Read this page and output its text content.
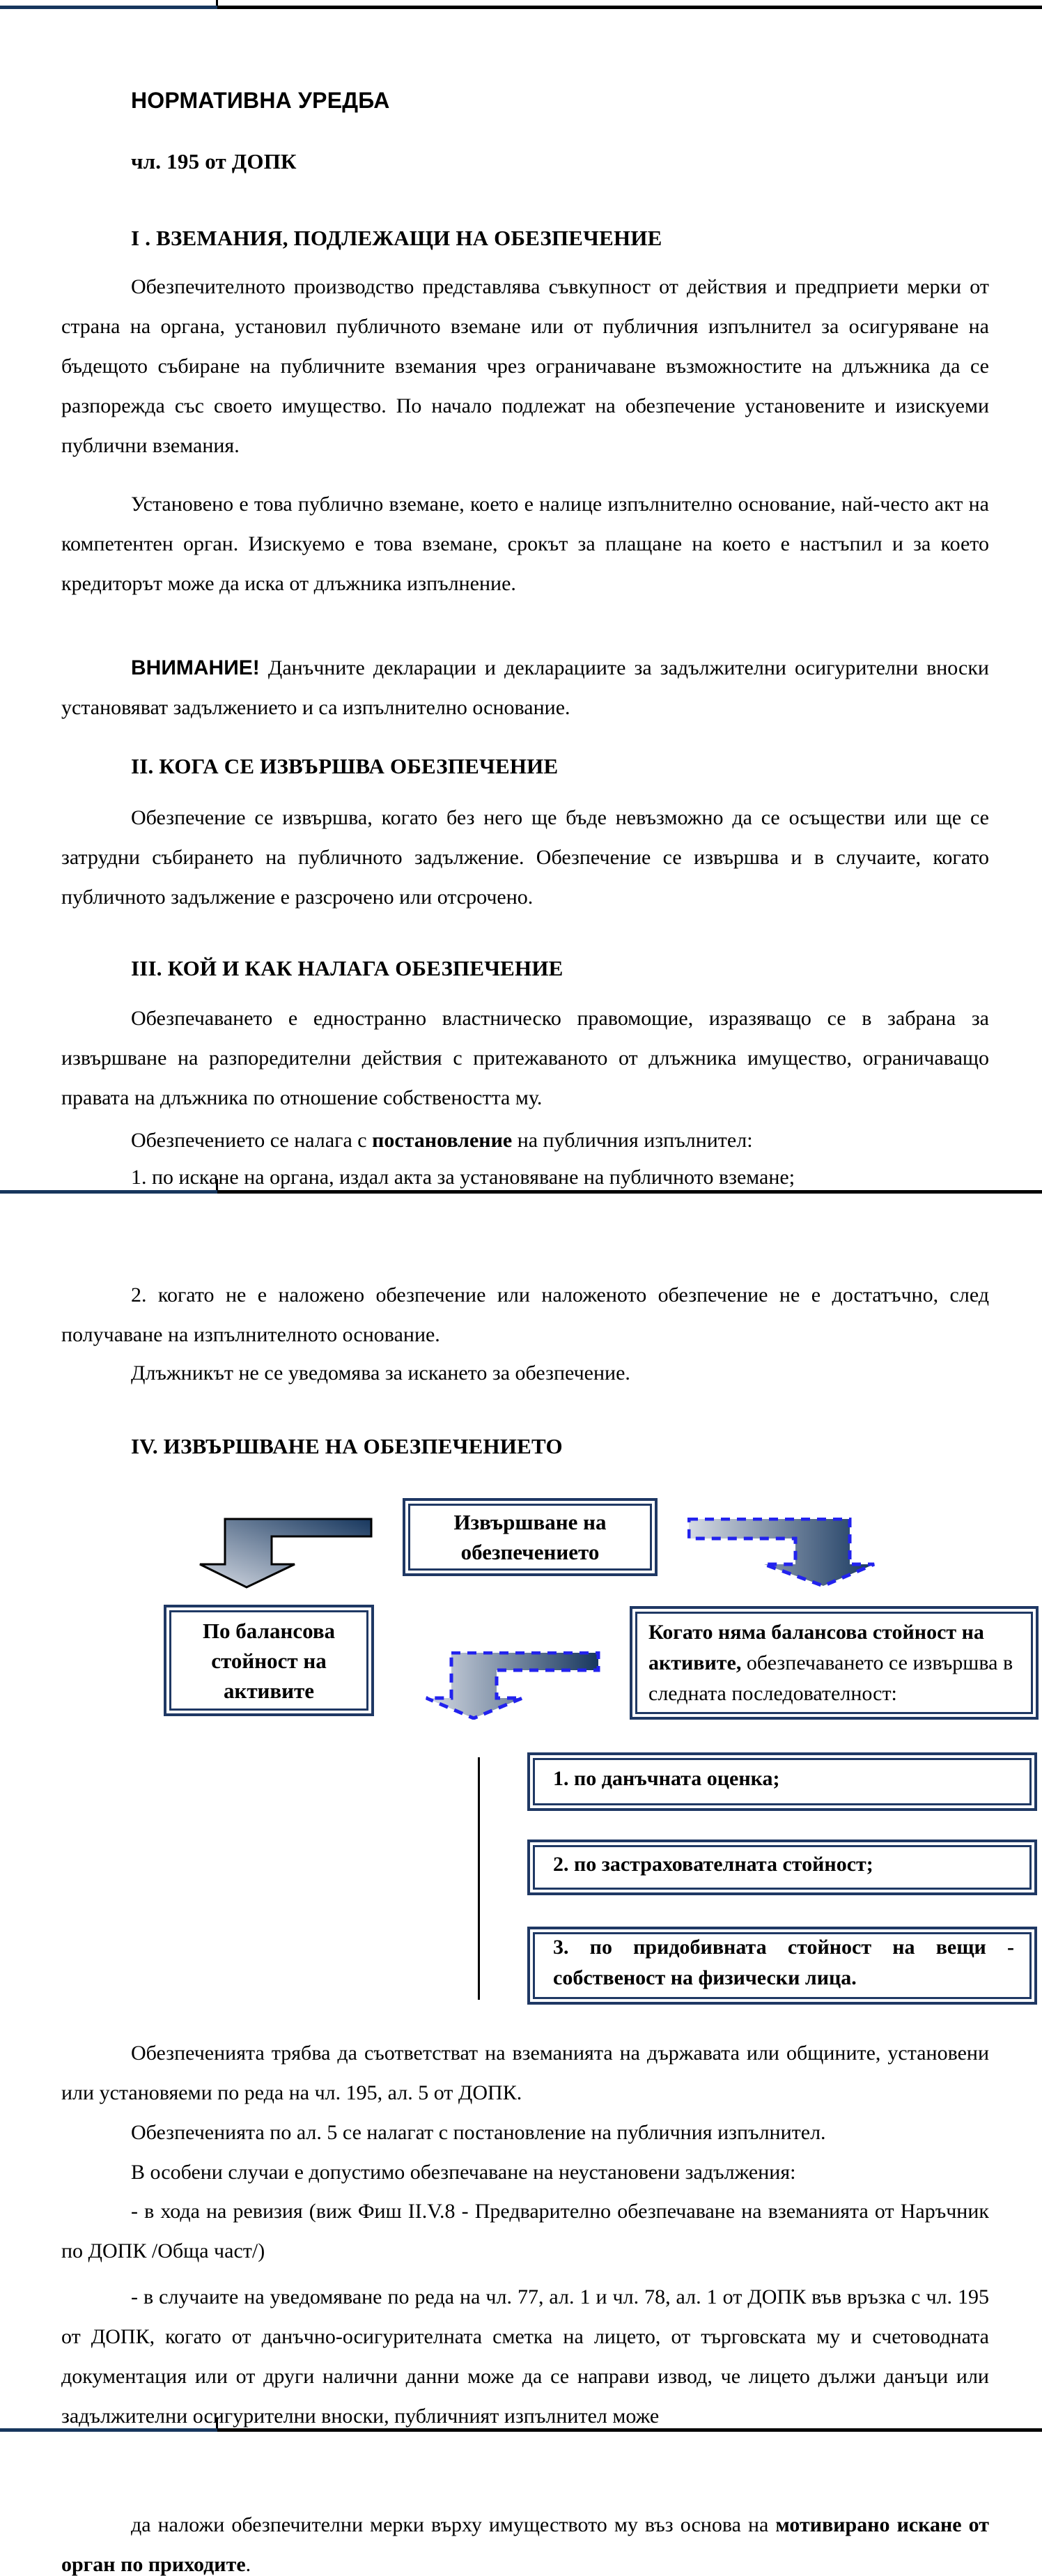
НОРМАТИВНА УРЕДБА
чл. 195 от ДОПК
I . ВЗЕМАНИЯ, ПОДЛЕЖАЩИ НА ОБЕЗПЕЧЕНИЕ
Обезпечителното производство представлява съвкупност от действия и предприети мерки от страна на органа, установил публичното вземане или от публичния изпълнител за осигуряване на бъдещото събиране на публичните вземания чрез ограничаване възможностите на длъжника да се разпорежда със своето имущество. По начало подлежат на обезпечение установените и изискуеми публични вземания.
Установено е това публично вземане, което е налице изпълнително основание, най-често акт на компетентен орган. Изискуемо е това вземане, срокът за плащане на което е настъпил и за което кредиторът може да иска от длъжника изпълнение.
ВНИМАНИЕ! Данъчните декларации и декларациите за задължителни осигурителни вноски установяват задължението и са изпълнително основание.
II. КОГА СЕ ИЗВЪРШВА ОБЕЗПЕЧЕНИЕ
Обезпечение се извършва, когато без него ще бъде невъзможно да се осъществи или ще се затрудни събирането на публичното задължение. Обезпечение се извършва и в случаите, когато публичното задължение е разсрочено или отсрочено.
III. КОЙ И КАК НАЛАГА ОБЕЗПЕЧЕНИЕ
Обезпечаването е едностранно властническо правомощие, изразяващо се в забрана за извършване на разпоредителни действия с притежаваното от длъжника имущество, ограничаващо правата на длъжника по отношение собствеността му.
Обезпечението се налага с постановление на публичния изпълнител:
1. по искане на органа, издал акта за установяване на публичното вземане;
2. когато не е наложено обезпечение или наложеното обезпечение не е достатъчно, след получаване на изпълнителното основание.
Длъжникът не се уведомява за искането за обезпечение.
IV. ИЗВЪРШВАНЕ НА ОБЕЗПЕЧЕНИЕТО
Извършване на обезпечението
По балансова стойност на активите
Когато няма балансова стойност на активите, обезпечаването се извършва в следната последователност:
1. по данъчната оценка;
2. по застрахователната стойност;
3. по придобивната стойност на вещи - собственост на физически лица.
Обезпеченията трябва да съответстват на вземанията на държавата или общините, установени или установяеми по реда на чл. 195, ал. 5 от ДОПК.
Обезпеченията по ал. 5 се налагат с постановление на публичния изпълнител.
В особени случаи е допустимо обезпечаване на неустановени задължения:
- в хода на ревизия (виж Фиш II.V.8 - Предварително обезпечаване на вземанията от Наръчник по ДОПК /Обща част/)
- в случаите на уведомяване по реда на чл. 77, ал. 1 и чл. 78, ал. 1 от ДОПК във връзка с чл. 195 от ДОПК, когато от данъчно-осигурителната сметка на лицето, от търговската му и счетоводната документация или от други налични данни може да се направи извод, че лицето дължи данъци или задължителни осигурителни вноски, публичният изпълнител може
да наложи обезпечителни мерки върху имуществото му въз основа на мотивирано искане от орган по приходите.
